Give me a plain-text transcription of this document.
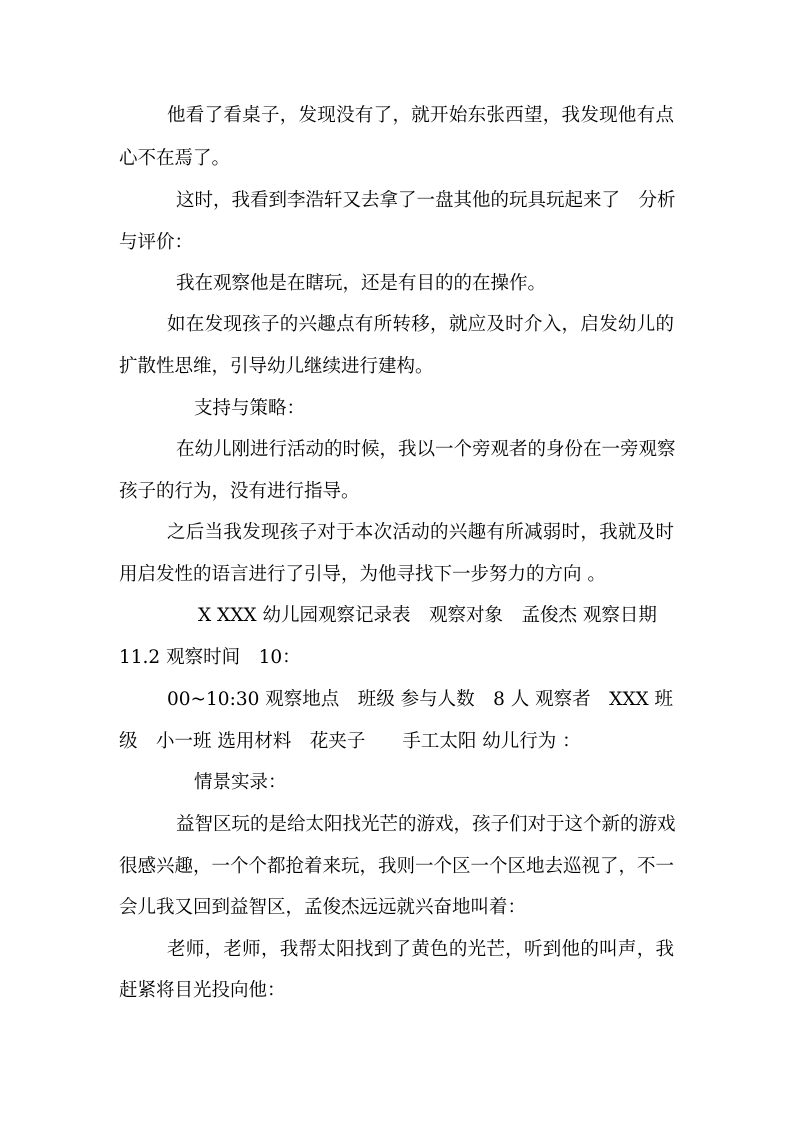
他看了看桌子，发现没有了，就开始东张西望，我发现他有点
心不在焉了。
这时，我看到李浩轩又去拿了一盘其他的玩具玩起来了　分析
与评价：
我在观察他是在瞎玩，还是有目的的在操作。
如在发现孩子的兴趣点有所转移，就应及时介入，启发幼儿的
扩散性思维，引导幼儿继续进行建构。
支持与策略：
在幼儿刚进行活动的时候，我以一个旁观者的身份在一旁观察
孩子的行为，没有进行指导。
之后当我发现孩子对于本次活动的兴趣有所减弱时，我就及时
用启发性的语言进行了引导，为他寻找下一步努力的方向 。
X XXX 幼儿园观察记录表　观察对象　孟俊杰 观察日期
11.2 观察时间　10：
00~10:30 观察地点　班级 参与人数　8 人 观察者　XXX 班
级　小一班 选用材料　花夹子　　手工太阳 幼儿行为 ：
情景实录：
益智区玩的是给太阳找光芒的游戏，孩子们对于这个新的游戏
很感兴趣，一个个都抢着来玩，我则一个区一个区地去巡视了，不一
会儿我又回到益智区，孟俊杰远远就兴奋地叫着：
老师，老师，我帮太阳找到了黄色的光芒，听到他的叫声，我
赶紧将目光投向他：
